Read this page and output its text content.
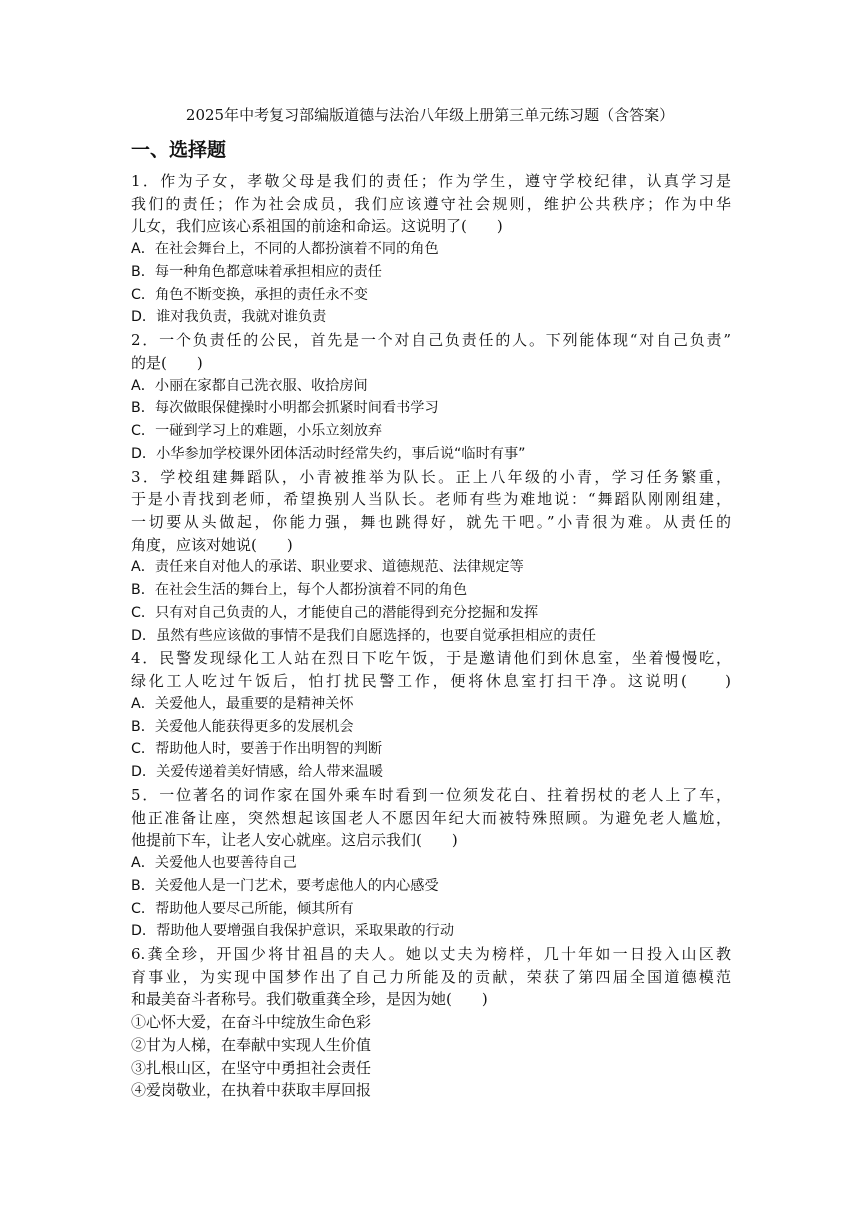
2025年中考复习部编版道德与法治八年级上册第三单元练习题（含答案）
一、选择题
1．作为子女，孝敬父母是我们的责任；作为学生，遵守学校纪律，认真学习是
我们的责任；作为社会成员，我们应该遵守社会规则，维护公共秩序；作为中华
儿女，我们应该心系祖国的前途和命运。这说明了(　　)
A．在社会舞台上，不同的人都扮演着不同的角色
B．每一种角色都意味着承担相应的责任
C．角色不断变换，承担的责任永不变
D．谁对我负责，我就对谁负责
2．一个负责任的公民，首先是一个对自己负责任的人。下列能体现“对自己负责”
的是(　　)
A．小丽在家都自己洗衣服、收拾房间
B．每次做眼保健操时小明都会抓紧时间看书学习
C．一碰到学习上的难题，小乐立刻放弃
D．小华参加学校课外团体活动时经常失约，事后说“临时有事”
3．学校组建舞蹈队，小青被推举为队长。正上八年级的小青，学习任务繁重，
于是小青找到老师，希望换别人当队长。老师有些为难地说：“舞蹈队刚刚组建，
一切要从头做起，你能力强，舞也跳得好，就先干吧。”小青很为难。从责任的
角度，应该对她说(　　)
A．责任来自对他人的承诺、职业要求、道德规范、法律规定等
B．在社会生活的舞台上，每个人都扮演着不同的角色
C．只有对自己负责的人，才能使自己的潜能得到充分挖掘和发挥
D．虽然有些应该做的事情不是我们自愿选择的，也要自觉承担相应的责任
4．民警发现绿化工人站在烈日下吃午饭，于是邀请他们到休息室，坐着慢慢吃，
绿化工人吃过午饭后，怕打扰民警工作，便将休息室打扫干净。这说明(　　)
A．关爱他人，最重要的是精神关怀
B．关爱他人能获得更多的发展机会
C．帮助他人时，要善于作出明智的判断
D．关爱传递着美好情感，给人带来温暖
5．一位著名的词作家在国外乘车时看到一位须发花白、拄着拐杖的老人上了车，
他正准备让座，突然想起该国老人不愿因年纪大而被特殊照顾。为避免老人尴尬，
他提前下车，让老人安心就座。这启示我们(　　)
A．关爱他人也要善待自己
B．关爱他人是一门艺术，要考虑他人的内心感受
C．帮助他人要尽己所能，倾其所有
D．帮助他人要增强自我保护意识，采取果敢的行动
6.龚全珍，开国少将甘祖昌的夫人。她以丈夫为榜样，几十年如一日投入山区教
育事业，为实现中国梦作出了自己力所能及的贡献，荣获了第四届全国道德模范
和最美奋斗者称号。我们敬重龚全珍，是因为她(　　)
①心怀大爱，在奋斗中绽放生命色彩
②甘为人梯，在奉献中实现人生价值
③扎根山区，在坚守中勇担社会责任
④爱岗敬业，在执着中获取丰厚回报
